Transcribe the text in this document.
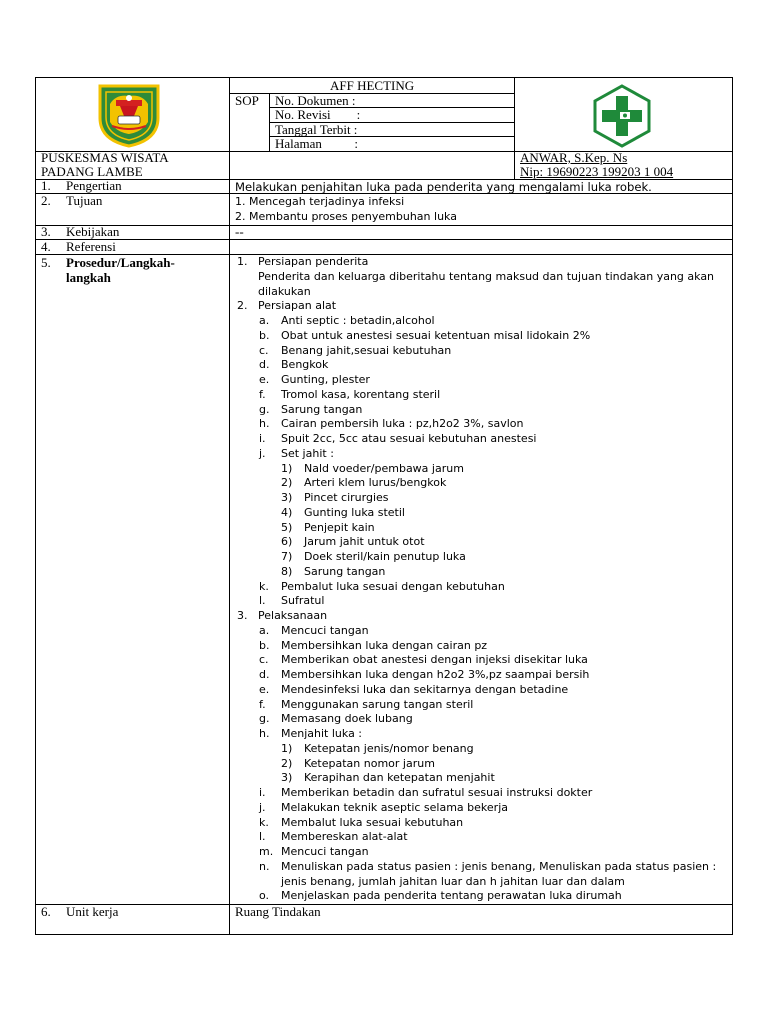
AFF HECTING
SOP No. Dokumen :
No. Revisi        :
Tanggal Terbit :
Halaman          :
PUSKESMAS WISATA
PADANG LAMBE
ANWAR, S.Kep. Ns
Nip: 19690223 199203 1 004
1. Pengertian	Melakukan penjahitan luka pada penderita yang mengalami luka robek.
2. Tujuan	1. Mencegah terjadinya infeksi
2. Membantu proses penyembuhan luka
3. Kebijakan	--
4. Referensi
5. Prosedur/Langkah-
langkah
1. Persiapan penderita
Penderita dan keluarga diberitahu tentang maksud dan tujuan tindakan yang akan
dilakukan
2. Persiapan alat
a. Anti septic : betadin,alcohol
b. Obat untuk anestesi sesuai ketentuan misal lidokain 2%
c. Benang jahit,sesuai kebutuhan
d. Bengkok
e. Gunting, plester
f. Tromol kasa, korentang steril
g. Sarung tangan
h. Cairan pembersih luka : pz,h2o2 3%, savlon
i. Spuit 2cc, 5cc atau sesuai kebutuhan anestesi
j. Set jahit :
1) Nald voeder/pembawa jarum
2) Arteri klem lurus/bengkok
3) Pincet cirurgies
4) Gunting luka stetil
5) Penjepit kain
6) Jarum jahit untuk otot
7) Doek steril/kain penutup luka
8) Sarung tangan
k. Pembalut luka sesuai dengan kebutuhan
l. Sufratul
3. Pelaksanaan
a. Mencuci tangan
b. Membersihkan luka dengan cairan pz
c. Memberikan obat anestesi dengan injeksi disekitar luka
d. Membersihkan luka dengan h2o2 3%,pz saampai bersih
e. Mendesinfeksi luka dan sekitarnya dengan betadine
f. Menggunakan sarung tangan steril
g. Memasang doek lubang
h. Menjahit luka :
1) Ketepatan jenis/nomor benang
2) Ketepatan nomor jarum
3) Kerapihan dan ketepatan menjahit
i. Memberikan betadin dan sufratul sesuai instruksi dokter
j. Melakukan teknik aseptic selama bekerja
k. Membalut luka sesuai kebutuhan
l. Membereskan alat-alat
m. Mencuci tangan
n. Menuliskan pada status pasien : jenis benang, Menuliskan pada status pasien :
jenis benang, jumlah jahitan luar dan h jahitan luar dan dalam
o. Menjelaskan pada penderita tentang perawatan luka dirumah
6. Unit kerja	Ruang Tindakan
